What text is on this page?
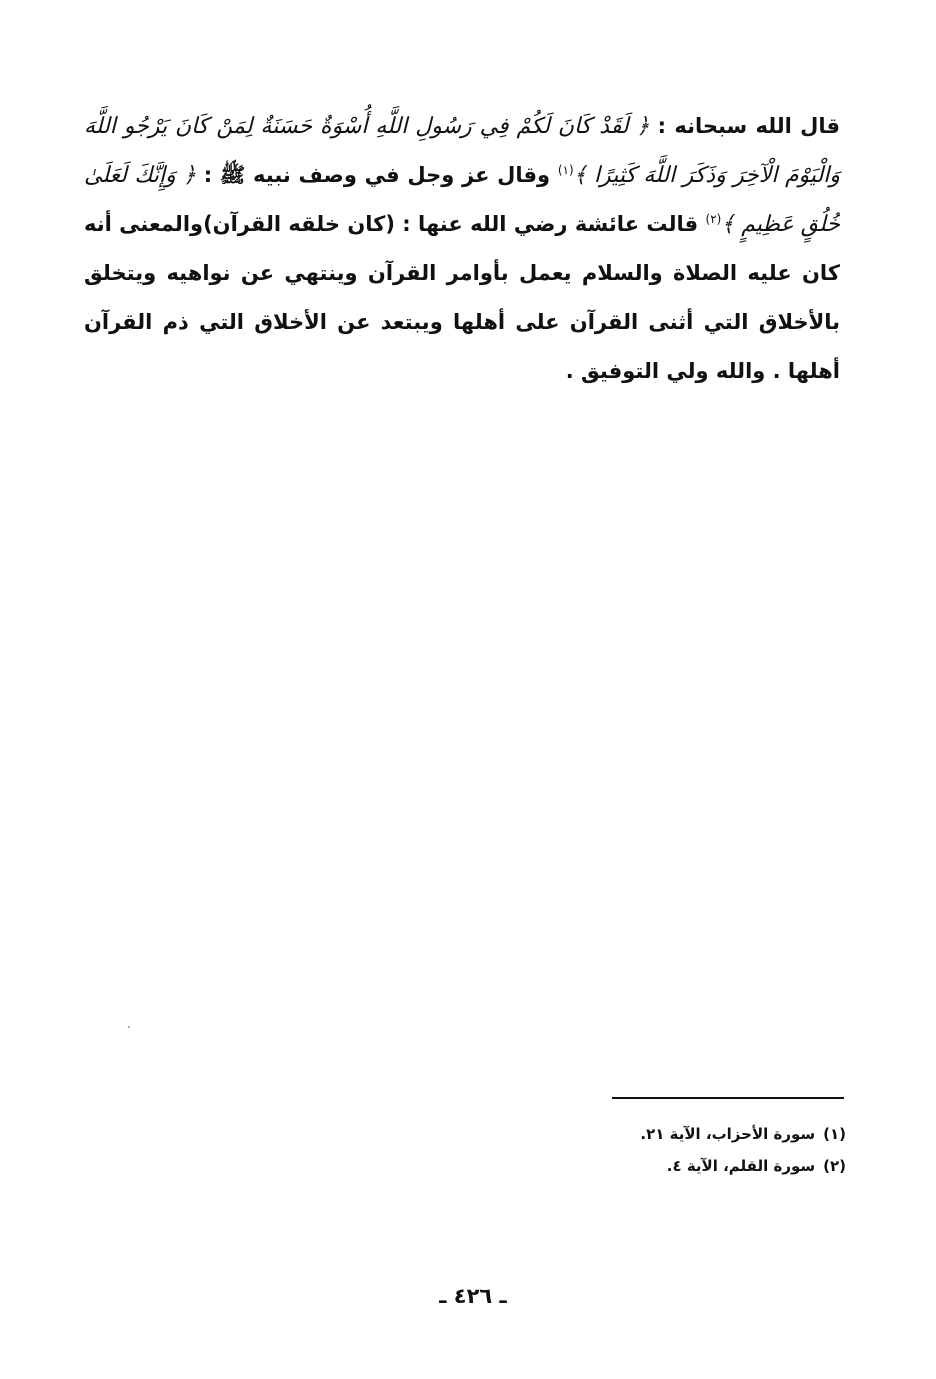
قال الله سبحانه : ﴿ لَقَدْ كَانَ لَكُمْ فِي رَسُولِ اللَّهِ أُسْوَةٌ حَسَنَةٌ لِمَنْ كَانَ يَرْجُو اللَّهَ وَالْيَوْمَ الْآخِرَ وَذَكَرَ اللَّهَ كَثِيرًا ﴾$^{(١)}$ وقال عز وجل في وصف نبيه ﷺ : ﴿ وَإِنَّكَ لَعَلَىٰ خُلُقٍ عَظِيمٍ ﴾$^{(٢)}$ قالت عائشة رضي الله عنها : (كان خلقه القرآن)والمعنى أنه كان عليه الصلاة والسلام يعمل بأوامر القرآن وينتهي عن نواهيه ويتخلق بالأخلاق التي أثنى القرآن على أهلها ويبتعد عن الأخلاق التي ذم القرآن أهلها . والله ولي التوفيق .

(١)سورة الأحزاب، الآية ٢١.
(٢)سورة القلم، الآية ٤.
ـ ٤٢٦ ـ
